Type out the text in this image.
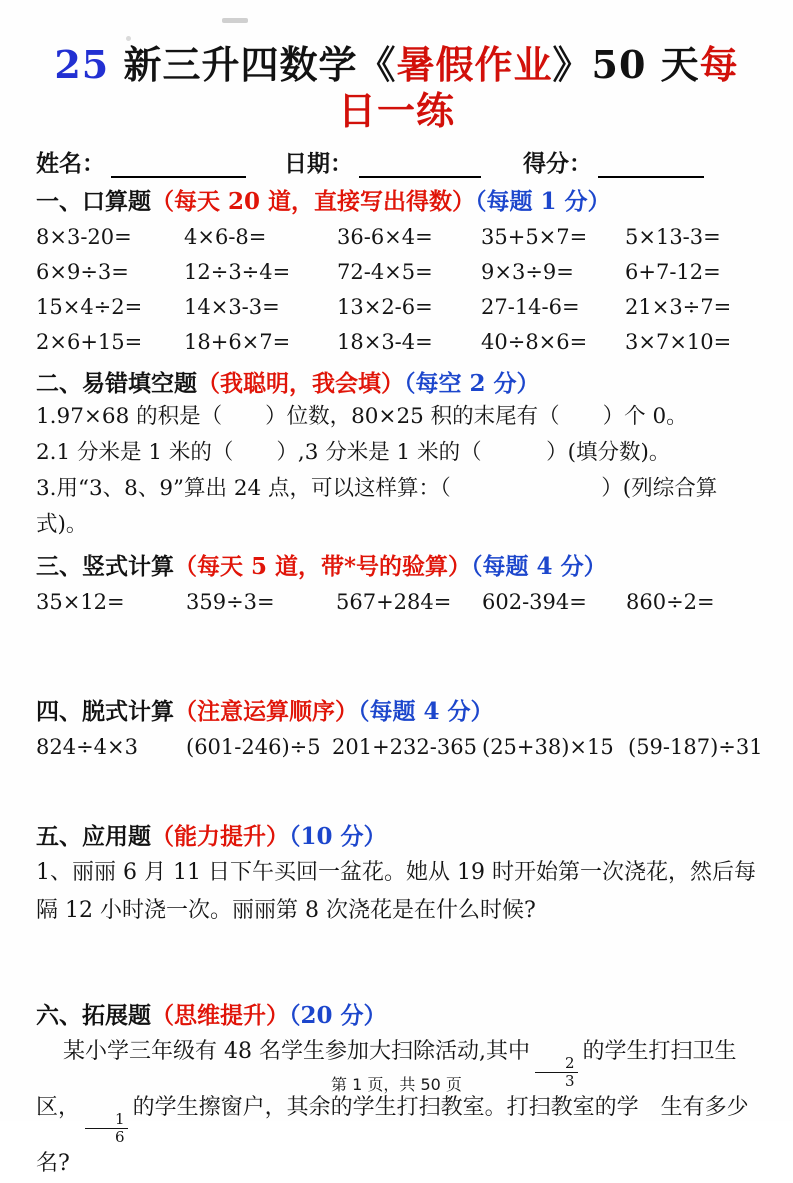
25 新三升四数学《暑假作业》50 天每日一练
姓名：	日期：	得分：
一、口算题（每天 20 道，直接写出得数）（每题 1 分）
8×3-20=	4×6-8=	36-6×4=	35+5×7=	5×13-3=
6×9÷3=	12÷3÷4=	72-4×5=	9×3÷9=	6+7-12=
15×4÷2=	14×3-3=	13×2-6=	27-14-6=	21×3÷7=
2×6+15=	18+6×7=	18×3-4=	40÷8×6=	3×7×10=
二、易错填空题（我聪明，我会填）（每空 2 分）
1.97×68 的积是（　　）位数，80×25 积的末尾有（　　）个 0。
2.1 分米是 1 米的（　　）,3 分米是 1 米的（　　　）(填分数)。
3.用“3、8、9”算出 24 点，可以这样算：（　　　　　　　）(列综合算式)。
三、竖式计算（每天 5 道，带*号的验算）（每题 4 分）
35×12=	359÷3=	567+284=	602-394=	860÷2=
四、脱式计算（注意运算顺序）（每题 4 分）
824÷4×3	(601-246)÷5 201+232-365 (25+38)×15 (59-187)÷31
五、应用题（能力提升）（10 分）
1、丽丽 6 月 11 日下午买回一盆花。她从 19 时开始第一次浇花，然后每隔 12 小时浇一次。丽丽第 8 次浇花是在什么时候?
六、拓展题（思维提升）（20 分）
某小学三年级有 48 名学生参加大扫除活动,其中
$\frac{2}{3}$
的学生打扫卫生区，
$\frac{1}{6}$
的学生擦窗户，其余的学生打扫教室。打扫教室的学　生有多少名?
第 1 页，共 50 页
